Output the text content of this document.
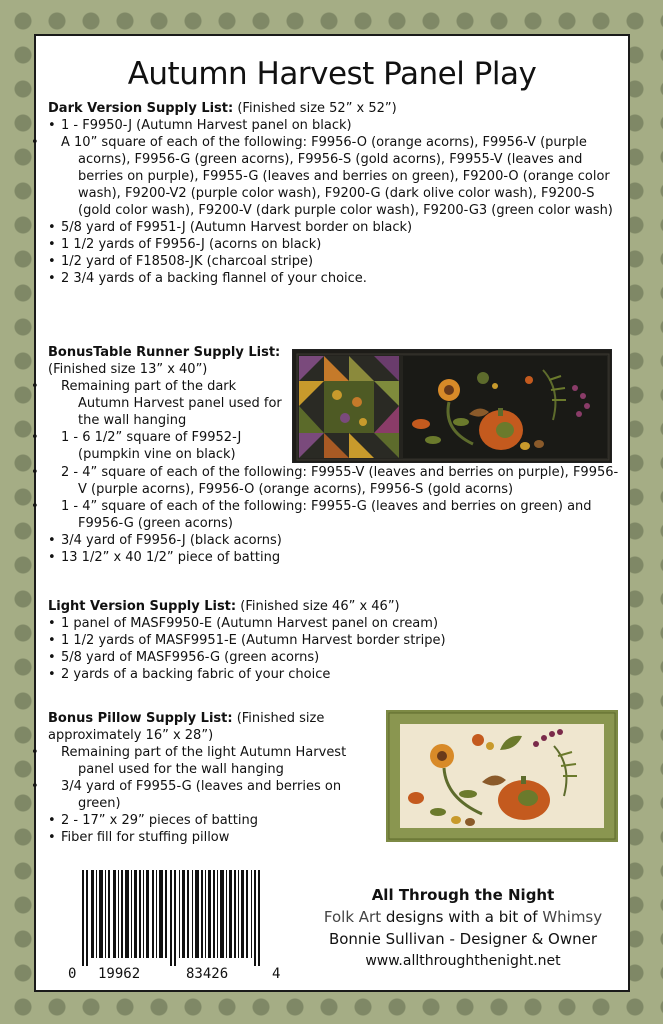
Autumn Harvest Panel Play
Dark Version Supply List: (Finished size 52” x 52”)
• 1 - F9950-J (Autumn Harvest panel on black)
• A 10” square of each of the following: F9956-O (orange acorns), F9956-V (purple acorns), F9956-G (green acorns), F9956-S (gold acorns), F9955-V (leaves and berries on purple), F9955-G (leaves and berries on green), F9200-O (orange color wash), F9200-V2 (purple color wash), F9200-G (dark olive color wash), F9200-S (gold color wash), F9200-V (dark purple color wash), F9200-G3 (green color wash)
• 5/8 yard of F9951-J (Autumn Harvest border on black)
• 1 1/2 yards of F9956-J (acorns on black)
• 1/2 yard of F18508-JK (charcoal stripe)
• 2 3/4 yards of a backing flannel of your choice.
BonusTable Runner Supply List:
(Finished size 13” x 40”)
• Remaining part of the dark Autumn Harvest panel used for the wall hanging
• 1 - 6 1/2” square of F9952-J (pumpkin vine on black)
• 2 - 4” square of each of the following: F9955-V (leaves and berries on purple), F9956-V (purple acorns), F9956-O (orange acorns), F9956-S (gold acorns)
• 1 - 4” square of each of the following: F9955-G (leaves and berries on green) and F9956-G (green acorns)
• 3/4 yard of F9956-J (black acorns)
• 13 1/2” x 40 1/2” piece of batting
Light Version Supply List: (Finished size 46” x 46”)
• 1 panel of MASF9950-E (Autumn Harvest panel on cream)
• 1 1/2 yards of MASF9951-E (Autumn Harvest border stripe)
• 5/8 yard of MASF9956-G (green acorns)
• 2 yards of a backing fabric of your choice
Bonus Pillow Supply List: (Finished size
approximately 16” x 28”)
• Remaining part of the light Autumn Harvest panel used for the wall hanging
• 3/4 yard of F9955-G (leaves and berries on green)
• 2 - 17” x 29” pieces of batting
• Fiber fill for stuffing pillow
0 19962	83426	4
All Through the Night
Folk Art designs with a bit of Whimsy
Bonnie Sullivan - Designer & Owner
www.allthroughthenight.net
